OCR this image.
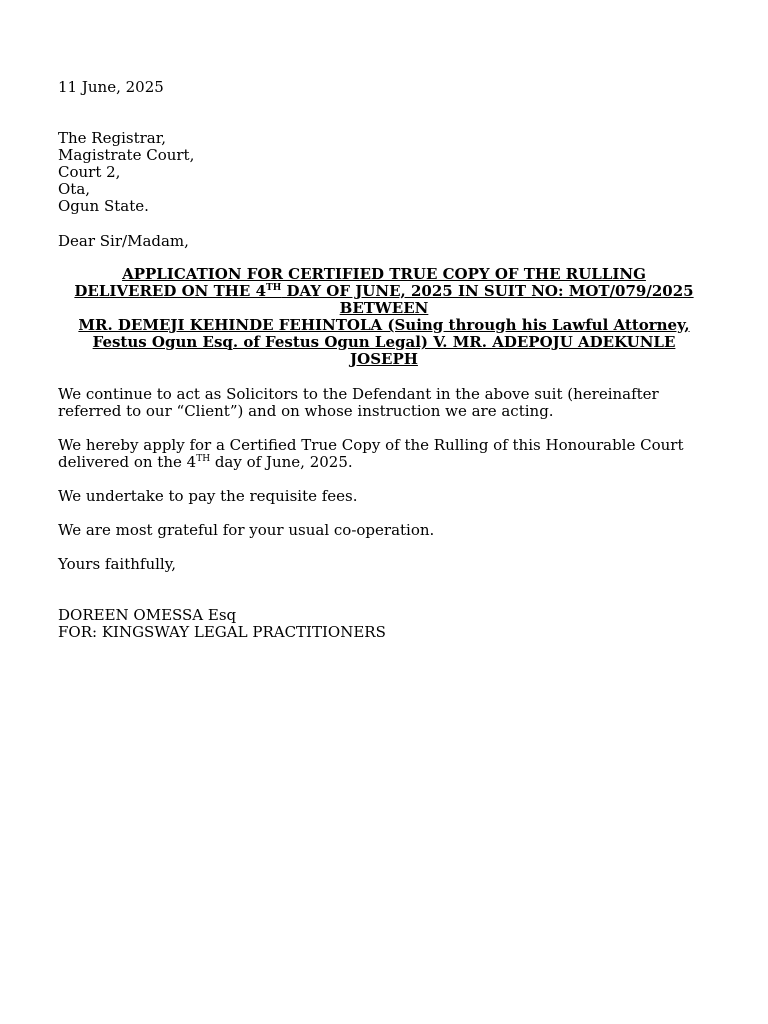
11 June, 2025
The Registrar,
Magistrate Court,
Court 2,
Ota,
Ogun State.
Dear Sir/Madam,
APPLICATION FOR CERTIFIED TRUE COPY OF THE RULLING
DELIVERED ON THE 4TH DAY OF JUNE, 2025 IN SUIT NO: MOT/079/2025
BETWEEN
MR. DEMEJI KEHINDE FEHINTOLA (Suing through his Lawful Attorney,
Festus Ogun Esq. of Festus Ogun Legal) V. MR. ADEPOJU ADEKUNLE
JOSEPH
We continue to act as Solicitors to the Defendant in the above suit (hereinafter
referred to our “Client”) and on whose instruction we are acting.
We hereby apply for a Certified True Copy of the Rulling of this Honourable Court
delivered on the 4TH day of June, 2025.
We undertake to pay the requisite fees.
We are most grateful for your usual co-operation.
Yours faithfully,
DOREEN OMESSA Esq
FOR: KINGSWAY LEGAL PRACTITIONERS
